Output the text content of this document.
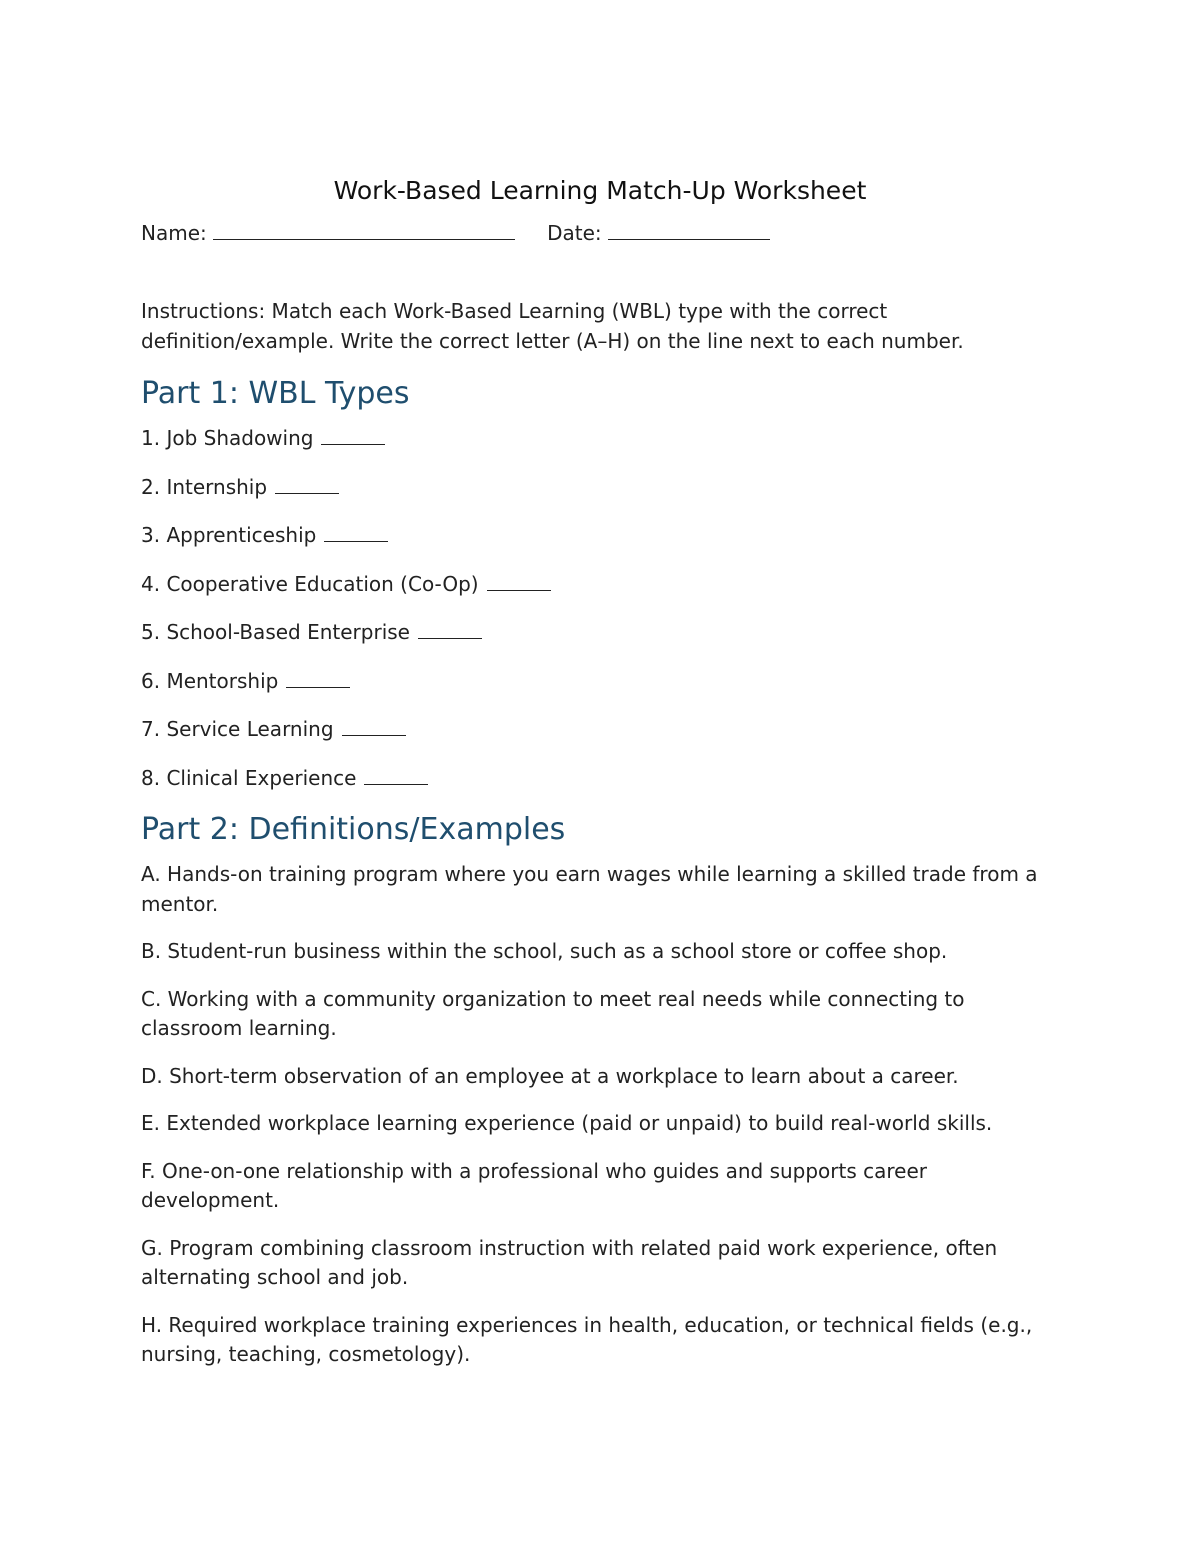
Work-Based Learning Match-Up Worksheet
Name:	Date:
Instructions: Match each Work-Based Learning (WBL) type with the correct definition/example. Write the correct letter (A–H) on the line next to each number.
Part 1: WBL Types
1. Job Shadowing
2. Internship
3. Apprenticeship
4. Cooperative Education (Co-Op)
5. School-Based Enterprise
6. Mentorship
7. Service Learning
8. Clinical Experience
Part 2: Definitions/Examples
A. Hands-on training program where you earn wages while learning a skilled trade from a mentor.
B. Student-run business within the school, such as a school store or coffee shop.
C. Working with a community organization to meet real needs while connecting to classroom learning.
D. Short-term observation of an employee at a workplace to learn about a career.
E. Extended workplace learning experience (paid or unpaid) to build real-world skills.
F. One-on-one relationship with a professional who guides and supports career development.
G. Program combining classroom instruction with related paid work experience, often alternating school and job.
H. Required workplace training experiences in health, education, or technical fields (e.g., nursing, teaching, cosmetology).
